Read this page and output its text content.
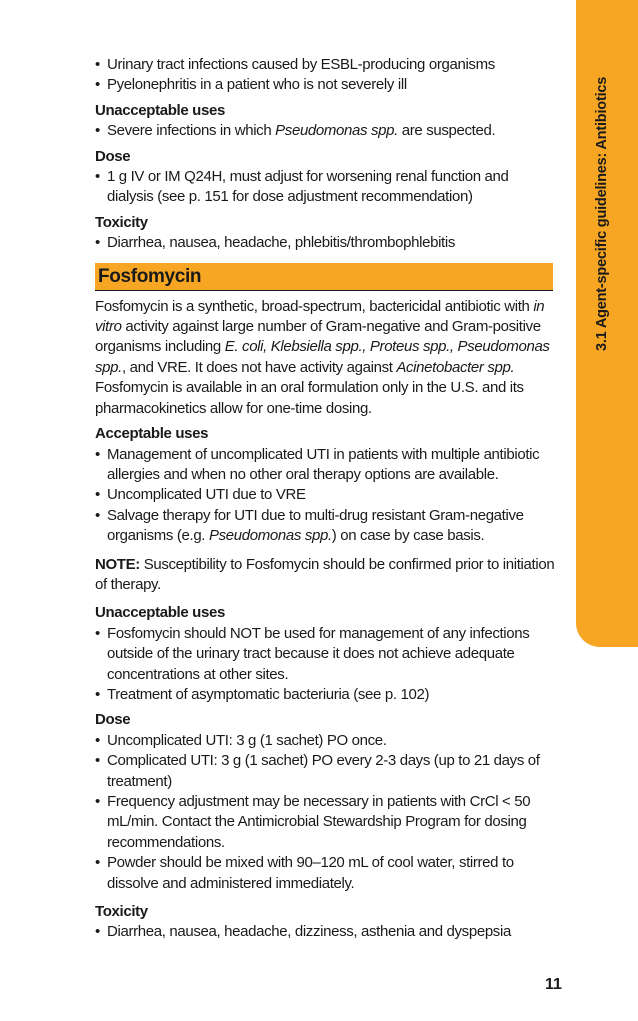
3.1 Agent-specific guidelines: Antibiotics
• Urinary tract infections caused by ESBL-producing organisms
• Pyelonephritis in a patient who is not severely ill
Unacceptable uses
• Severe infections in which Pseudomonas spp. are suspected.
Dose
• 1 g IV or IM Q24H, must adjust for worsening renal function and dialysis (see p. 151 for dose adjustment recommendation)
Toxicity
• Diarrhea, nausea, headache, phlebitis/thrombophlebitis
Fosfomycin
Fosfomycin is a synthetic, broad-spectrum, bactericidal antibiotic with in vitro activity against large number of Gram-negative and Gram-positive organisms including E. coli, Klebsiella spp., Proteus spp., Pseudomonas spp., and VRE. It does not have activity against Acinetobacter spp. Fosfomycin is available in an oral formulation only in the U.S. and its pharmacokinetics allow for one-time dosing.
Acceptable uses
• Management of uncomplicated UTI in patients with multiple antibiotic allergies and when no other oral therapy options are available.
• Uncomplicated UTI due to VRE
• Salvage therapy for UTI due to multi-drug resistant Gram-negative organisms (e.g. Pseudomonas spp.) on case by case basis.
NOTE: Susceptibility to Fosfomycin should be confirmed prior to initiation of therapy.
Unacceptable uses
• Fosfomycin should NOT be used for management of any infections outside of the urinary tract because it does not achieve adequate concentrations at other sites.
• Treatment of asymptomatic bacteriuria (see p. 102)
Dose
• Uncomplicated UTI: 3 g (1 sachet) PO once.
• Complicated UTI: 3 g (1 sachet) PO every 2-3 days (up to 21 days of treatment)
• Frequency adjustment may be necessary in patients with CrCl < 50 mL/min. Contact the Antimicrobial Stewardship Program for dosing recommendations.
• Powder should be mixed with 90–120 mL of cool water, stirred to dissolve and administered immediately.
Toxicity
• Diarrhea, nausea, headache, dizziness, asthenia and dyspepsia
11
